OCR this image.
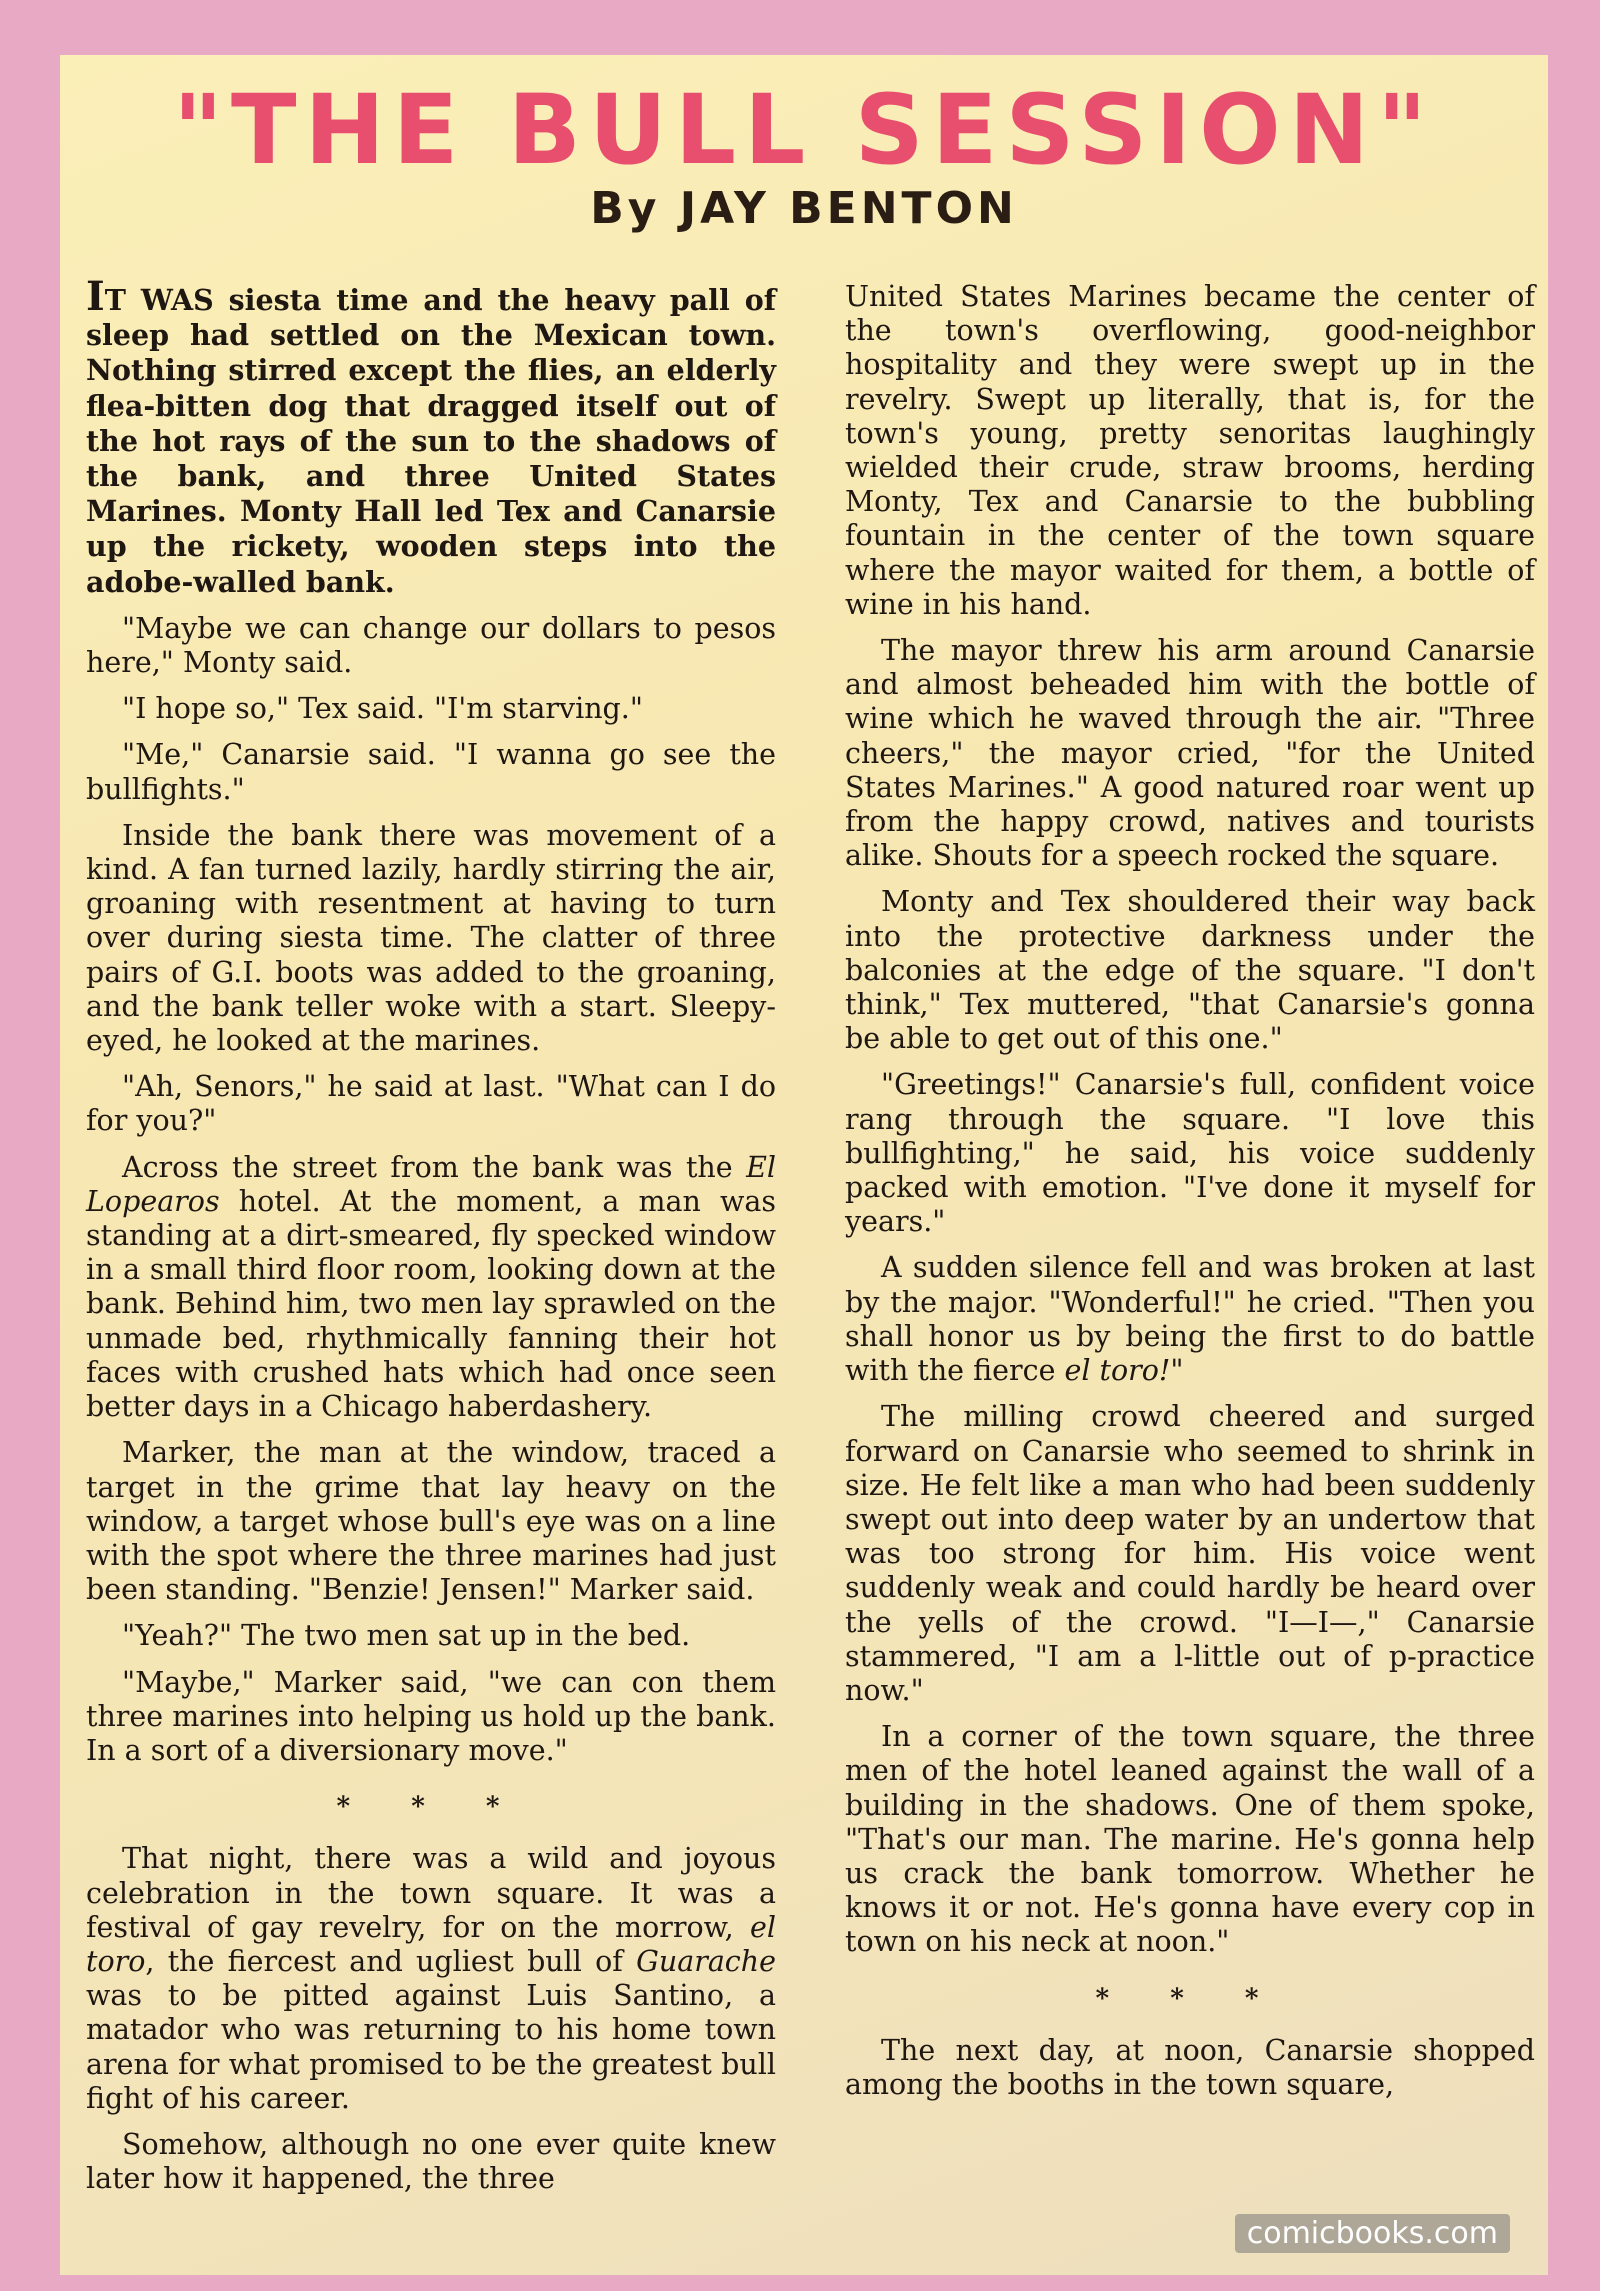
"THE BULL SESSION"
By JAY BENTON

IT WAS siesta time and the heavy pall of sleep had settled on the Mexican town. Nothing stirred except the flies, an elderly flea-bitten dog that dragged itself out of the hot rays of the sun to the shadows of the bank, and three United States Marines. Monty Hall led Tex and Canarsie up the rickety, wooden steps into the adobe-walled bank.

"Maybe we can change our dollars to pesos here," Monty said.

"I hope so," Tex said. "I'm starving."

"Me," Canarsie said. "I wanna go see the bullfights."

Inside the bank there was movement of a kind. A fan turned lazily, hardly stirring the air, groaning with resentment at having to turn over during siesta time. The clatter of three pairs of G.I. boots was added to the groaning, and the bank teller woke with a start. Sleepy-eyed, he looked at the marines.

"Ah, Senors," he said at last. "What can I do for you?"

Across the street from the bank was the El Lopearos hotel. At the moment, a man was standing at a dirt-smeared, fly specked window in a small third floor room, looking down at the bank. Behind him, two men lay sprawled on the unmade bed, rhythmically fanning their hot faces with crushed hats which had once seen better days in a Chicago haberdashery.

Marker, the man at the window, traced a target in the grime that lay heavy on the window, a target whose bull's eye was on a line with the spot where the three marines had just been standing. "Benzie! Jensen!" Marker said.

"Yeah?" The two men sat up in the bed.

"Maybe," Marker said, "we can con them three marines into helping us hold up the bank. In a sort of a diversionary move."

* * *

That night, there was a wild and joyous celebration in the town square. It was a festival of gay revelry, for on the morrow, el toro, the fiercest and ugliest bull of Guarache was to be pitted against Luis Santino, a matador who was returning to his home town arena for what promised to be the greatest bull fight of his career.

Somehow, although no one ever quite knew later how it happened, the three

United States Marines became the center of the town's overflowing, good-neighbor hospitality and they were swept up in the revelry. Swept up literally, that is, for the town's young, pretty senoritas laughingly wielded their crude, straw brooms, herding Monty, Tex and Canarsie to the bubbling fountain in the center of the town square where the mayor waited for them, a bottle of wine in his hand.

The mayor threw his arm around Canarsie and almost beheaded him with the bottle of wine which he waved through the air. "Three cheers," the mayor cried, "for the United States Marines." A good natured roar went up from the happy crowd, natives and tourists alike. Shouts for a speech rocked the square.

Monty and Tex shouldered their way back into the protective darkness under the balconies at the edge of the square. "I don't think," Tex muttered, "that Canarsie's gonna be able to get out of this one."

"Greetings!" Canarsie's full, confident voice rang through the square. "I love this bullfighting," he said, his voice suddenly packed with emotion. "I've done it myself for years."

A sudden silence fell and was broken at last by the major. "Wonderful!" he cried. "Then you shall honor us by being the first to do battle with the fierce el toro!"

The milling crowd cheered and surged forward on Canarsie who seemed to shrink in size. He felt like a man who had been suddenly swept out into deep water by an undertow that was too strong for him. His voice went suddenly weak and could hardly be heard over the yells of the crowd. "I—I—," Canarsie stammered, "I am a l-little out of p-practice now."

In a corner of the town square, the three men of the hotel leaned against the wall of a building in the shadows. One of them spoke, "That's our man. The marine. He's gonna help us crack the bank tomorrow. Whether he knows it or not. He's gonna have every cop in town on his neck at noon."

* * *

The next day, at noon, Canarsie shopped among the booths in the town square,

comicbooks.com
